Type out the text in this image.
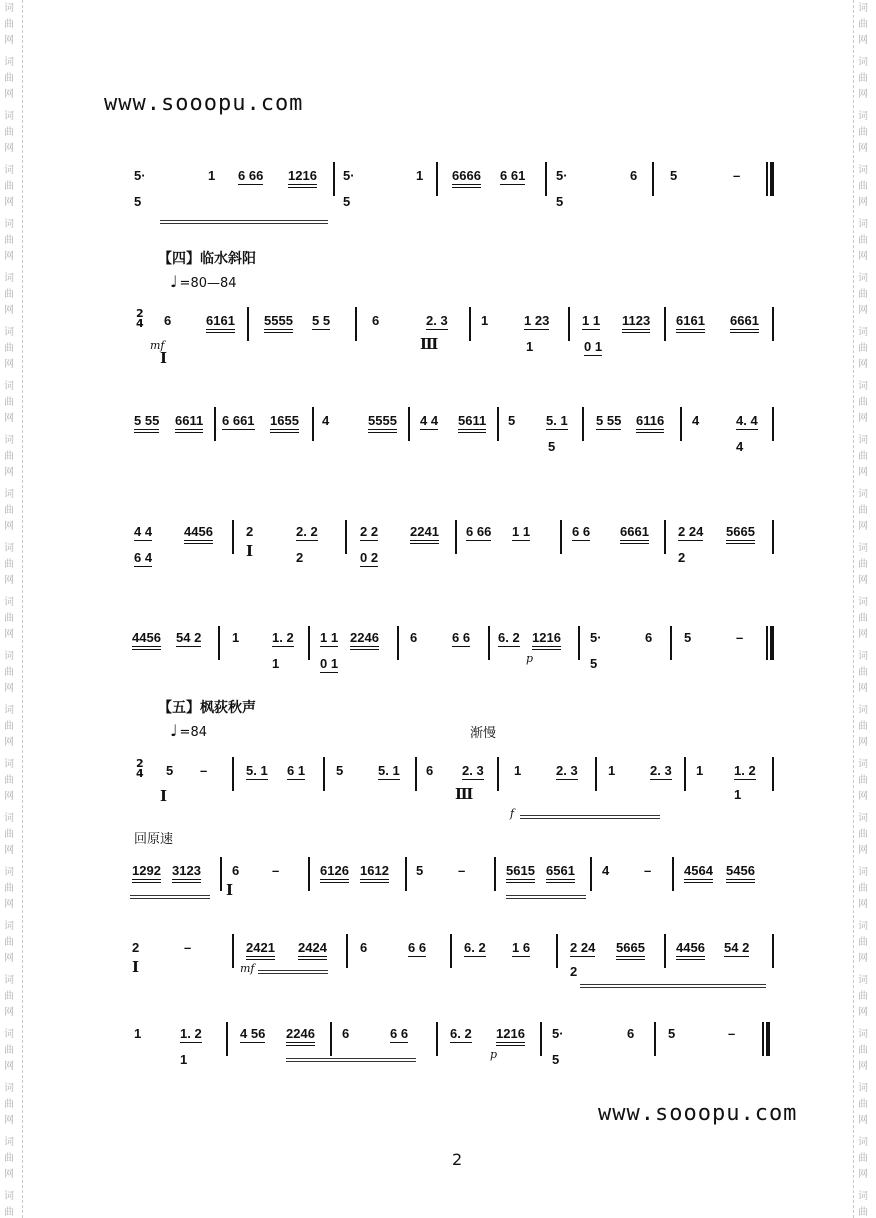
词
曲
网
词
曲
网
词
曲
网
词
曲
网
词
曲
网
词
曲
网
词
曲
网
词
曲
网
词
曲
网
词
曲
网
词
曲
网
词
曲
网
词
曲
网
词
曲
网
词
曲
网
词
曲
网
词
曲
网
词
曲
网
词
曲
网
词
曲
网
词
曲
网
词
曲
网
词
曲
词
曲
网
词
曲
网
词
曲
网
词
曲
网
词
曲
网
词
曲
网
词
曲
网
词
曲
网
词
曲
网
词
曲
网
词
曲
网
词
曲
网
词
曲
网
词
曲
网
词
曲
网
词
曲
网
词
曲
网
词
曲
网
词
曲
网
词
曲
网
词
曲
网
词
曲
网
词
曲
www.sooopu.com
5·	1 6 66 1216 5·	1 6666 6 61 5·	6	5	–
5	5	5
【四】临水斜阳
♩ =80—84
2
4 6	6161 5555 5 5	6	2. 3	1	1 23	1 1 1123 6161 6661
mf
I
Ⅲ	1	0 1
5 55 6611 6 661 1655 4	5555 4 4 5611 5 5. 1 5 55 6116 4	4. 4
5	4
4 4 4456	2	2. 2	2 2 2241 6 66 1 1	6 6 6661 2 24 5665
6 4	I	2	0 2	2
4456 54 2 1	1. 2 1 1 2246 6	6 6 6. 2 1216 5·	6 5	–
1	0 1	5
p
【五】枫荻秋声
♩ =84	渐慢
2
4 5 –	5. 1 6 1 5	5. 1 6 2. 3 1	2. 3 1	2. 3 1 1. 2
I	Ⅲ	1
f
回原速
1292 3123 6	–	6126 1612 5	–	5615 6561 4	–	4564 5456
I
2	–	2421 2424	6	6 6	6. 2 1 6	2 24 5665 4456 54 2
I	mf	2
1	1. 2	4 56 2246 6	6 6	6. 2 1216 5·	6	5	–
1	5
p
www.sooopu.com
2
